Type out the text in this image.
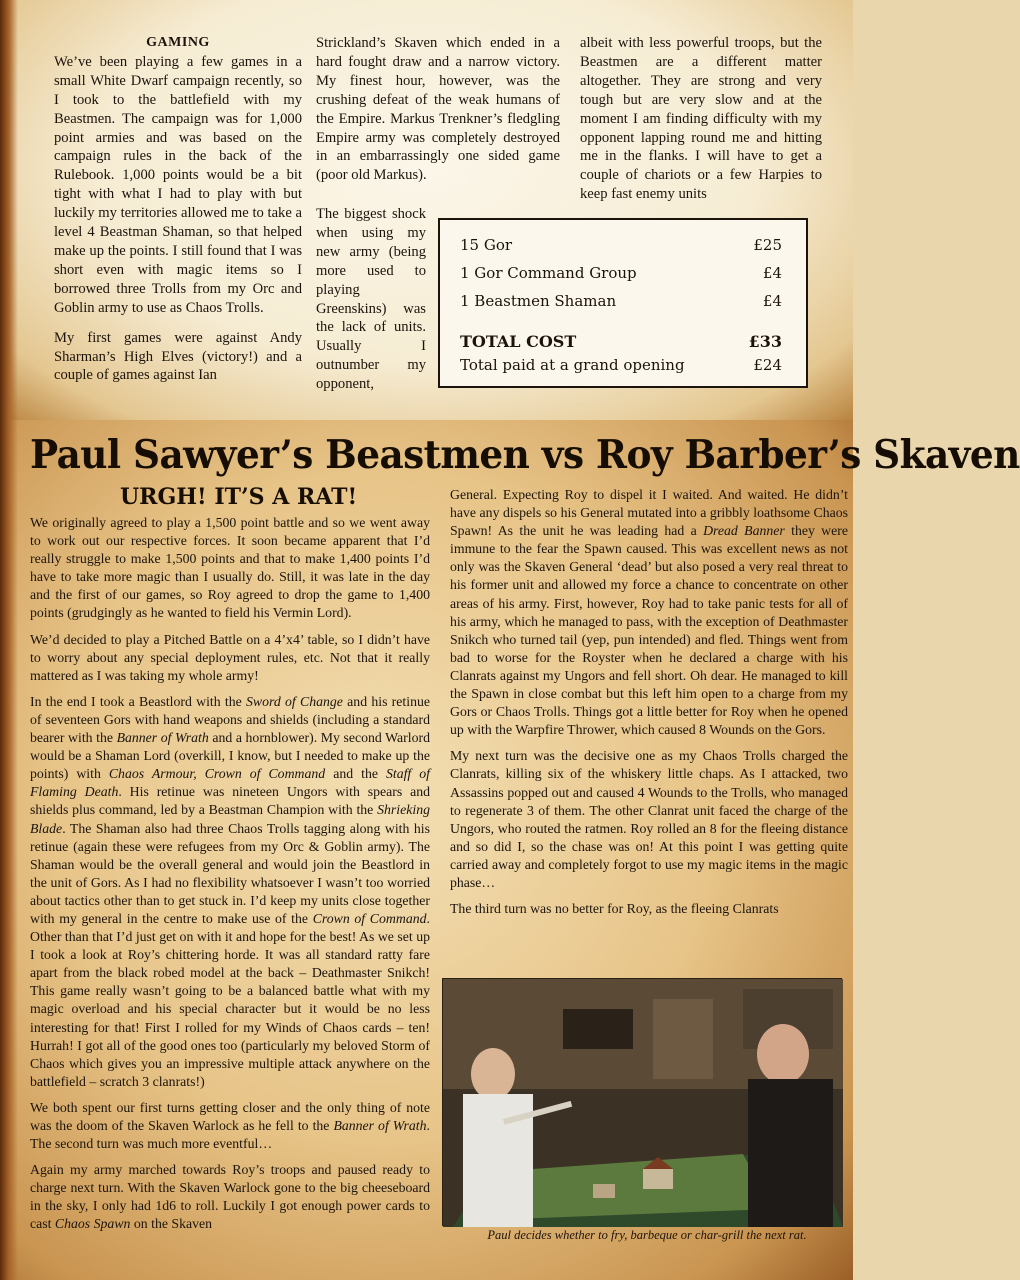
GAMING

We’ve been playing a few games in a small White Dwarf campaign recently, so I took to the battlefield with my Beastmen. The campaign was for 1,000 point armies and was based on the campaign rules in the back of the Rulebook. 1,000 points would be a bit tight with what I had to play with but luckily my territories allowed me to take a level 4 Beastman Shaman, so that helped make up the points. I still found that I was short even with magic items so I borrowed three Trolls from my Orc and Goblin army to use as Chaos Trolls.

My first games were against Andy Sharman’s High Elves (victory!) and a couple of games against Ian

Strickland’s Skaven which ended in a hard fought draw and a narrow victory. My finest hour, however, was the crushing defeat of the weak humans of the Empire. Markus Trenkner’s fledgling Empire army was completely destroyed in an embarrassingly one sided game (poor old Markus).

The biggest shock when using my new army (being more used to playing Greenskins) was the lack of units. Usually I outnumber my opponent,

albeit with less powerful troops, but the Beastmen are a different matter altogether. They are strong and very tough but are very slow and at the moment I am finding difficulty with my opponent lapping round me and hitting me in the flanks. I will have to get a couple of chariots or a few Harpies to keep fast enemy units

15 Gor	£25
1 Gor Command Group	£4
1 Beastmen Shaman	£4
TOTAL COST	£33
Total paid at a grand opening	£24
Paul Sawyer’s Beastmen vs Roy Barber’s Skaven
URGH! IT’S A RAT!

We originally agreed to play a 1,500 point battle and so we went away to work out our respective forces. It soon became apparent that I’d really struggle to make 1,500 points and that to make 1,400 points I’d have to take more magic than I usually do. Still, it was late in the day and the first of our games, so Roy agreed to drop the game to 1,400 points (grudgingly as he wanted to field his Vermin Lord).

We’d decided to play a Pitched Battle on a 4’x4’ table, so I didn’t have to worry about any special deployment rules, etc. Not that it really mattered as I was taking my whole army!

In the end I took a Beastlord with the Sword of Change and his retinue of seventeen Gors with hand weapons and shields (including a standard bearer with the Banner of Wrath and a hornblower). My second Warlord would be a Shaman Lord (overkill, I know, but I needed to make up the points) with Chaos Armour, Crown of Command and the Staff of Flaming Death. His retinue was nineteen Ungors with spears and shields plus command, led by a Beastman Champion with the Shrieking Blade. The Shaman also had three Chaos Trolls tagging along with his retinue (again these were refugees from my Orc & Goblin army). The Shaman would be the overall general and would join the Beastlord in the unit of Gors. As I had no flexibility whatsoever I wasn’t too worried about tactics other than to get stuck in. I’d keep my units close together with my general in the centre to make use of the Crown of Command. Other than that I’d just get on with it and hope for the best! As we set up I took a look at Roy’s chittering horde. It was all standard ratty fare apart from the black robed model at the back – Deathmaster Snikch! This game really wasn’t going to be a balanced battle what with my magic overload and his special character but it would be no less interesting for that! First I rolled for my Winds of Chaos cards – ten! Hurrah! I got all of the good ones too (particularly my beloved Storm of Chaos which gives you an impressive multiple attack anywhere on the battlefield – scratch 3 clanrats!)

We both spent our first turns getting closer and the only thing of note was the doom of the Skaven Warlock as he fell to the Banner of Wrath. The second turn was much more eventful…

Again my army marched towards Roy’s troops and paused ready to charge next turn. With the Skaven Warlock gone to the big cheeseboard in the sky, I only had 1d6 to roll. Luckily I got enough power cards to cast Chaos Spawn on the Skaven

General. Expecting Roy to dispel it I waited. And waited. He didn’t have any dispels so his General mutated into a gribbly loathsome Chaos Spawn! As the unit he was leading had a Dread Banner they were immune to the fear the Spawn caused. This was excellent news as not only was the Skaven General ‘dead’ but also posed a very real threat to his former unit and allowed my force a chance to concentrate on other areas of his army. First, however, Roy had to take panic tests for all of his army, which he managed to pass, with the exception of Deathmaster Snikch who turned tail (yep, pun intended) and fled. Things went from bad to worse for the Royster when he declared a charge with his Clanrats against my Ungors and fell short. Oh dear. He managed to kill the Spawn in close combat but this left him open to a charge from my Gors or Chaos Trolls. Things got a little better for Roy when he opened up with the Warpfire Thrower, which caused 8 Wounds on the Gors.

My next turn was the decisive one as my Chaos Trolls charged the Clanrats, killing six of the whiskery little chaps. As I attacked, two Assassins popped out and caused 4 Wounds to the Trolls, who managed to regenerate 3 of them. The other Clanrat unit faced the charge of the Ungors, who routed the ratmen. Roy rolled an 8 for the fleeing distance and so did I, so the chase was on! At this point I was getting quite carried away and completely forgot to use my magic items in the magic phase…

The third turn was no better for Roy, as the fleeing Clanrats

Paul decides whether to fry, barbeque or char-grill the next rat.
